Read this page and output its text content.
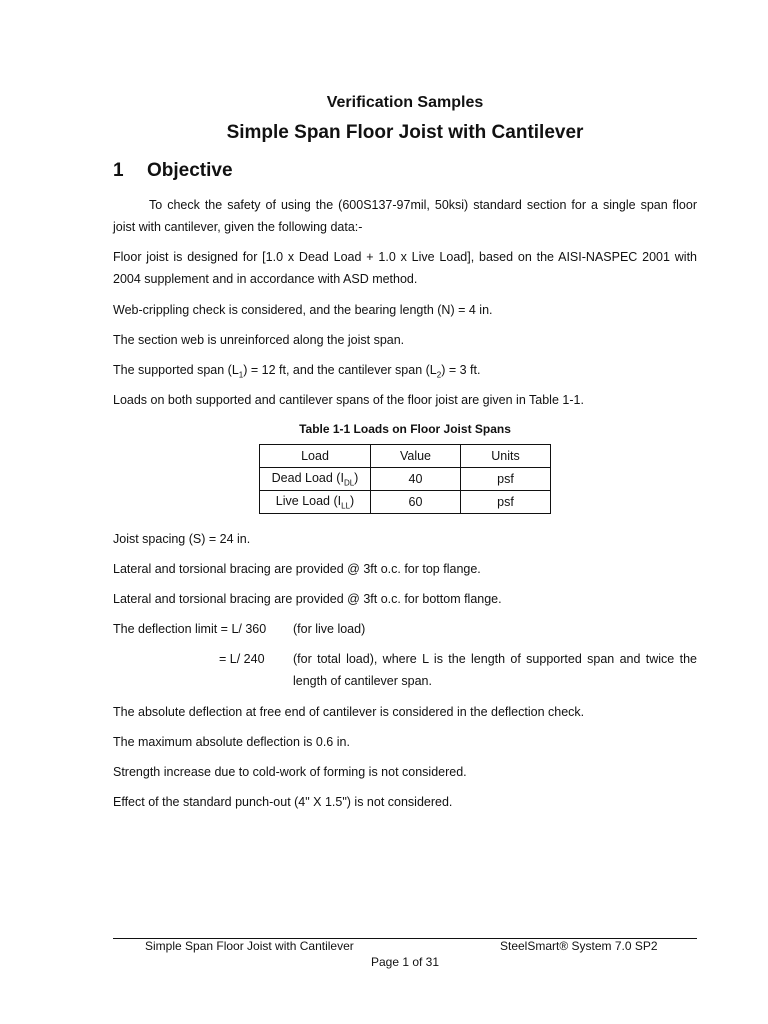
Verification Samples
Simple Span Floor Joist with Cantilever
1 Objective

To check the safety of using the (600S137-97mil, 50ksi) standard section for a single span floor joist with cantilever, given the following data:-

Floor joist is designed for [1.0 x Dead Load + 1.0 x Live Load], based on the AISI-NASPEC 2001 with 2004 supplement and in accordance with ASD method.

Web-crippling check is considered, and the bearing length (N) = 4 in.

The section web is unreinforced along the joist span.

The supported span $(L_1) = 12$ ft, and the cantilever span $(L_2) = 3$ ft.

Loads on both supported and cantilever spans of the floor joist are given in Table 1-1.

Table 1-1 Loads on Floor Joist Spans
Load	Value	Units
Dead Load $(I_{DL})$	40	psf
Live Load $(I_{LL})$	60	psf

Joist spacing (S) = 24 in.

Lateral and torsional bracing are provided @ 3ft o.c. for top flange.

Lateral and torsional bracing are provided @ 3ft o.c. for bottom flange.

The deflection limit = L/ 360 (for live load)
= L/ 240 (for total load), where L is the length of supported span and twice the length of cantilever span.

The absolute deflection at free end of cantilever is considered in the deflection check.

The maximum absolute deflection is 0.6 in.

Strength increase due to cold-work of forming is not considered.

Effect of the standard punch-out (4" X 1.5") is not considered.

Simple Span Floor Joist with Cantilever	SteelSmart® System 7.0 SP2
Page 1 of 31
